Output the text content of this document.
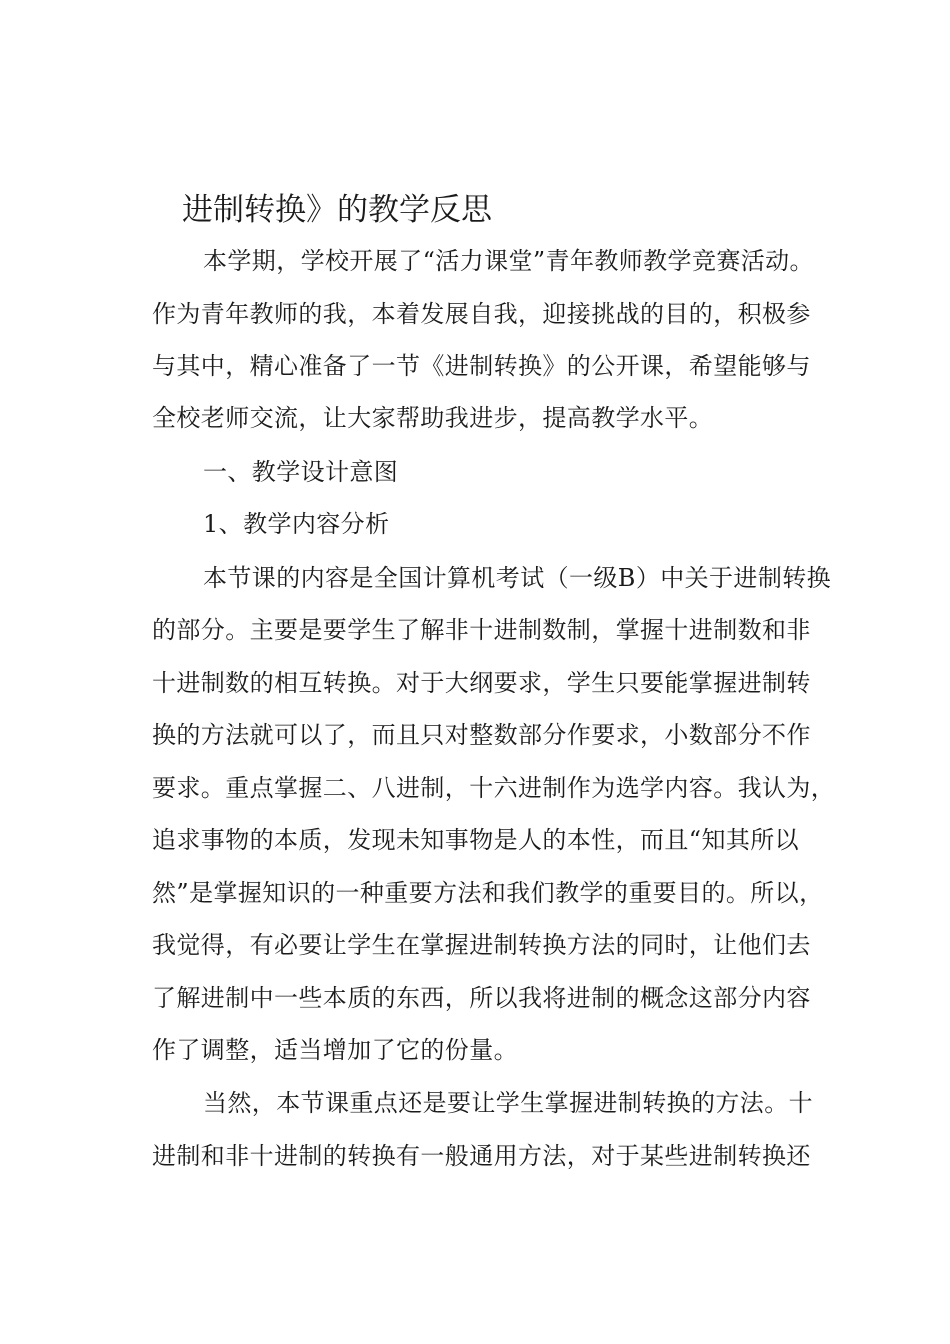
进制转换》的教学反思
本学期，学校开展了“活力课堂”青年教师教学竞赛活动。
作为青年教师的我，本着发展自我，迎接挑战的目的，积极参
与其中，精心准备了一节《进制转换》的公开课，希望能够与
全校老师交流，让大家帮助我进步，提高教学水平。
一、教学设计意图
1、教学内容分析
本节课的内容是全国计算机考试（一级B）中关于进制转换
的部分。主要是要学生了解非十进制数制，掌握十进制数和非
十进制数的相互转换。对于大纲要求，学生只要能掌握进制转
换的方法就可以了，而且只对整数部分作要求，小数部分不作
要求。重点掌握二、八进制，十六进制作为选学内容。我认为，
追求事物的本质，发现未知事物是人的本性，而且“知其所以
然”是掌握知识的一种重要方法和我们教学的重要目的。所以，
我觉得，有必要让学生在掌握进制转换方法的同时，让他们去
了解进制中一些本质的东西，所以我将进制的概念这部分内容
作了调整，适当增加了它的份量。
当然，本节课重点还是要让学生掌握进制转换的方法。十
进制和非十进制的转换有一般通用方法，对于某些进制转换还
